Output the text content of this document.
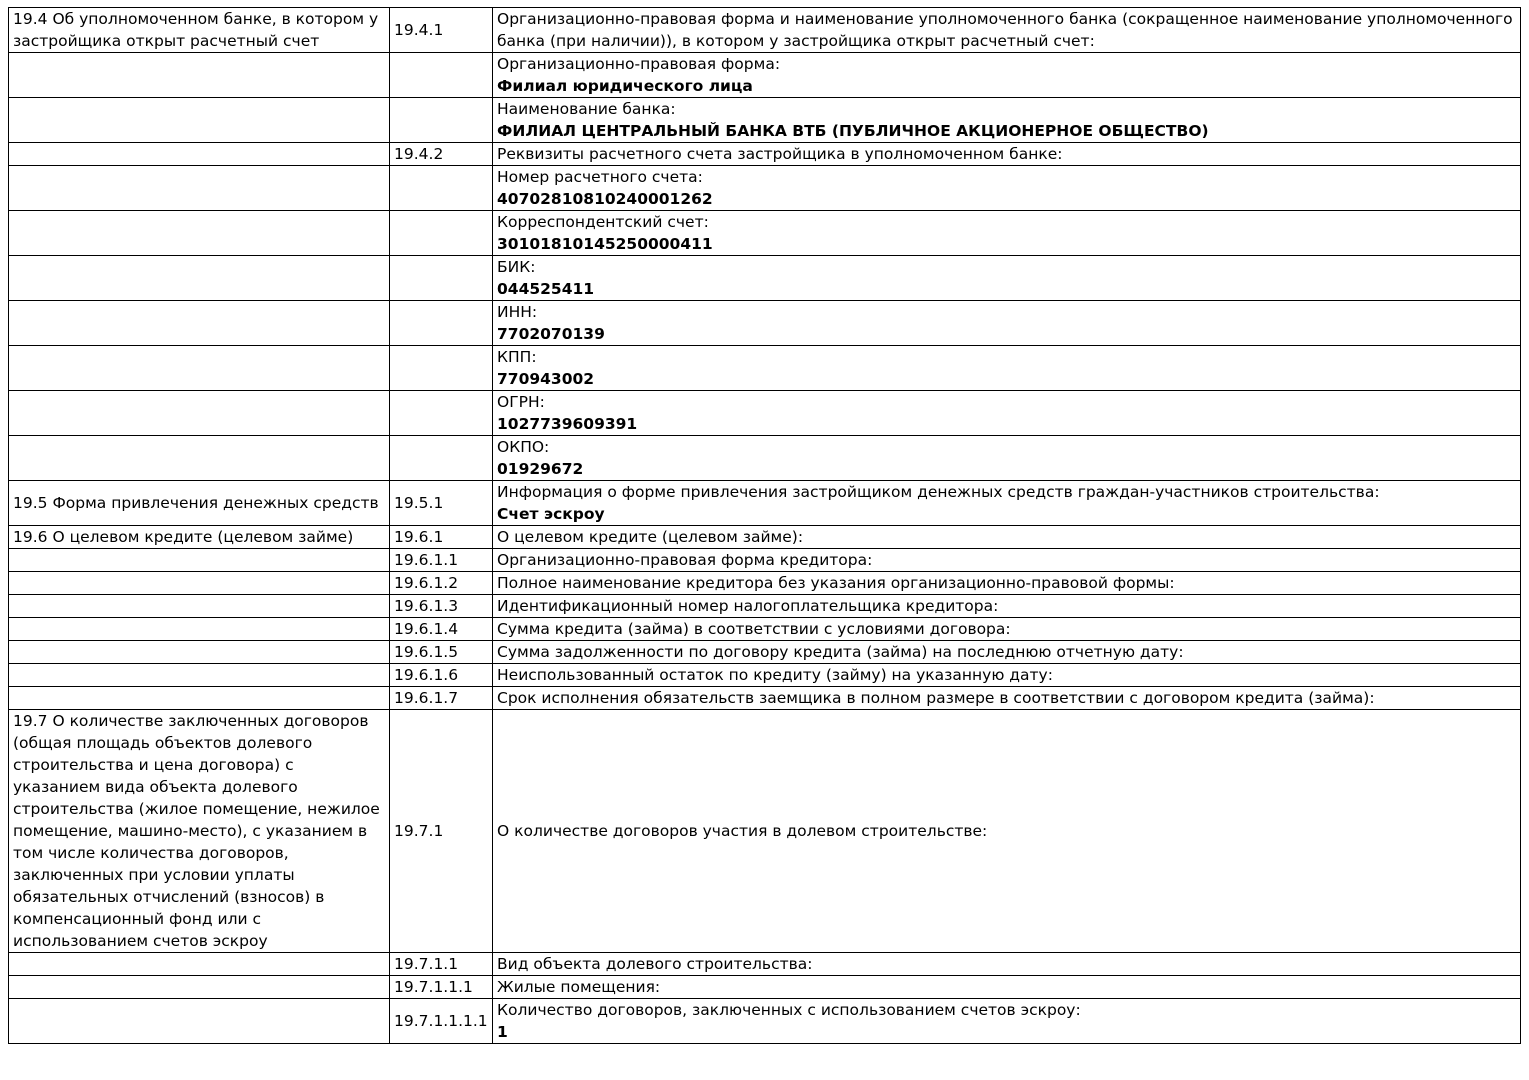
19.4 Об уполномоченном банке, в котором у застройщика открыт расчетный счет	19.4.1	Организационно-правовая форма и наименование уполномоченного банка (сокращенное наименование уполномоченного банка (при наличии)), в котором у застройщика открыт расчетный счет:

		Организационно-правовая форма:
Филиал юридического лица

		Наименование банка:
ФИЛИАЛ ЦЕНТРАЛЬНЫЙ БАНКА ВТБ (ПУБЛИЧНОЕ АКЦИОНЕРНОЕ ОБЩЕСТВО)

	19.4.2	Реквизиты расчетного счета застройщика в уполномоченном банке:

		Номер расчетного счета:
40702810810240001262

		Корреспондентский счет:
30101810145250000411

		БИК:
044525411

		ИНН:
7702070139

		КПП:
770943002

		ОГРН:
1027739609391

		ОКПО:
01929672

19.5 Форма привлечения денежных средств	19.5.1	Информация о форме привлечения застройщиком денежных средств граждан-участников строительства:
Счет эскроу

19.6 О целевом кредите (целевом займе)	19.6.1	О целевом кредите (целевом займе):

	19.6.1.1	Организационно-правовая форма кредитора:

	19.6.1.2	Полное наименование кредитора без указания организационно-правовой формы:

	19.6.1.3	Идентификационный номер налогоплательщика кредитора:

	19.6.1.4	Сумма кредита (займа) в соответствии с условиями договора:

	19.6.1.5	Сумма задолженности по договору кредита (займа) на последнюю отчетную дату:

	19.6.1.6	Неиспользованный остаток по кредиту (займу) на указанную дату:

	19.6.1.7	Срок исполнения обязательств заемщика в полном размере в соответствии с договором кредита (займа):

19.7 О количестве заключенных договоров (общая площадь объектов долевого строительства и цена договора) с указанием вида объекта долевого строительства (жилое помещение, нежилое помещение, машино-место), с указанием в том числе количества договоров, заключенных при условии уплаты обязательных отчислений (взносов) в компенсационный фонд или с использованием счетов эскроу	19.7.1	О количестве договоров участия в долевом строительстве:

	19.7.1.1	Вид объекта долевого строительства:

	19.7.1.1.1	Жилые помещения:

	19.7.1.1.1.1	Количество договоров, заключенных с использованием счетов эскроу:
1
